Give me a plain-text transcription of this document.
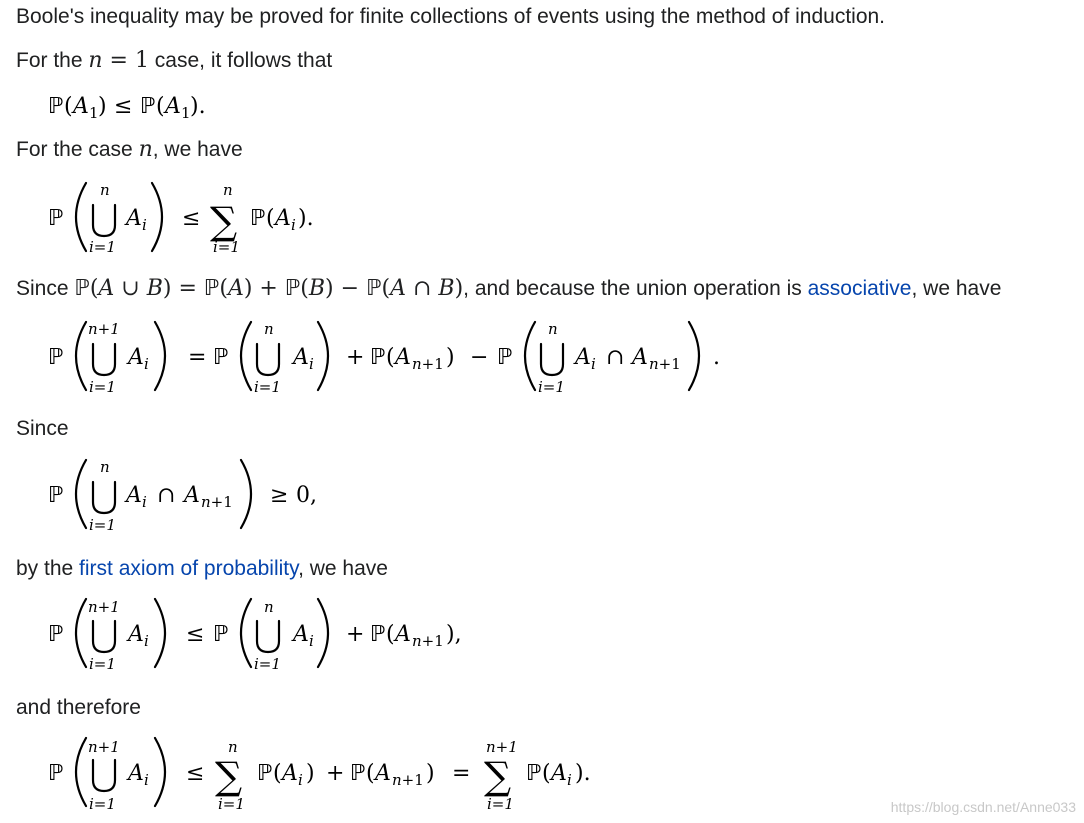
Boole's inequality may be proved for finite collections of events using the method of induction.

For the n = 1 case, it follows that

For the case n, we have

Since ℙ(A ∪ B) = ℙ(A) + ℙ(B) − ℙ(A ∩ B), and because the union operation is associative, we have

Since

by the first axiom of probability, we have

and therefore

ℙ ( A 1 ) ≤ ℙ ( A 1 ).
ℙ
n
i=1
A i ≤
n
∑
i=1
ℙ ( A i ).
ℙ
n+1
i=1
A i = ℙ
n
i=1
A i + ℙ ( A n+1 ) − ℙ
n
i=1
A i ∩ A n+1 .
ℙ
n
i=1
A i ∩ A n+1 ≥ 0,
ℙ
n+1
i=1
A i ≤ ℙ
n
i=1
A i + ℙ ( A n+1 ),
ℙ
n+1
i=1
A i ≤
n
∑
i=1
ℙ ( A i ) + ℙ ( A n+1 ) =
n+1
∑
i=1
ℙ ( A i ).
https://blog.csdn.net/Anne033
